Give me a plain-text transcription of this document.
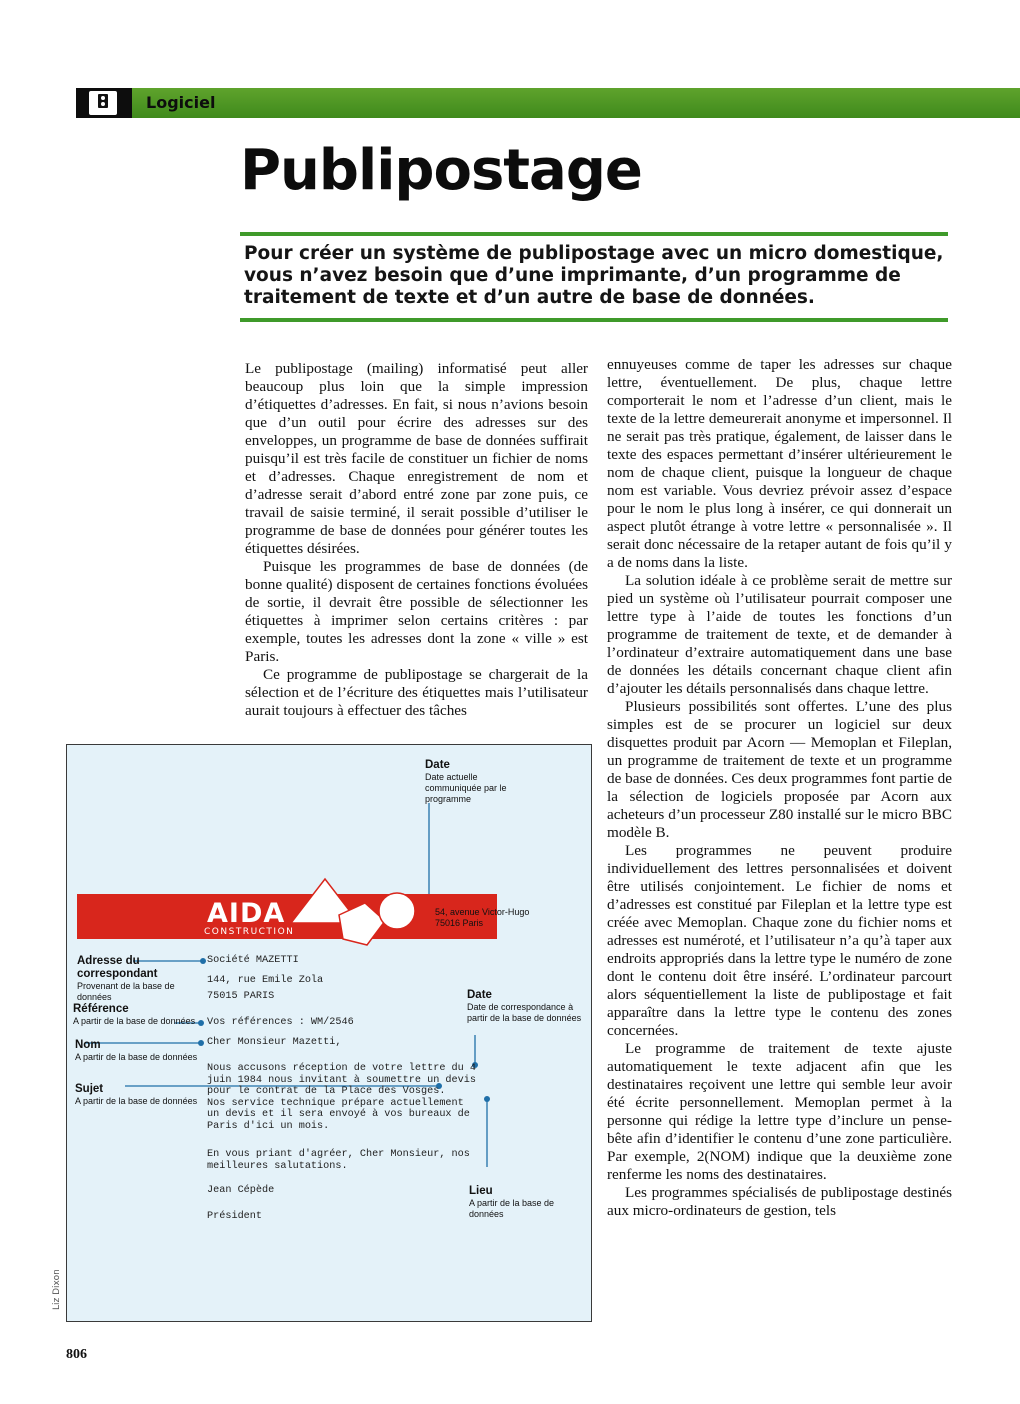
Logiciel
Publipostage
Pour créer un système de publipostage avec un micro domestique, vous n’avez besoin que d’une imprimante, d’un programme de traitement de texte et d’un autre de base de données.

Le publipostage (mailing) informatisé peut aller beaucoup plus loin que la simple impression d’étiquettes d’adresses. En fait, si nous n’avions besoin que d’un outil pour écrire des adresses sur des enveloppes, un programme de base de données suffirait puisqu’il est très facile de constituer un fichier de noms et d’adresses. Chaque enregistrement de nom et d’adresse serait d’abord entré zone par zone puis, ce travail de saisie terminé, il serait possible d’utiliser le programme de base de données pour générer toutes les étiquettes désirées.

Puisque les programmes de base de données (de bonne qualité) disposent de certaines fonctions évoluées de sortie, il devrait être possible de sélectionner les étiquettes à imprimer selon certains critères : par exemple, toutes les adresses dont la zone « ville » est Paris.

Ce programme de publipostage se chargerait de la sélection et de l’écriture des étiquettes mais l’utilisateur aurait toujours à effectuer des tâches

ennuyeuses comme de taper les adresses sur chaque lettre, éventuellement. De plus, chaque lettre comporterait le nom et l’adresse d’un client, mais le texte de la lettre demeurerait anonyme et impersonnel. Il ne serait pas très pratique, également, de laisser dans le texte des espaces permettant d’insérer ultérieurement le nom de chaque client, puisque la longueur de chaque nom est variable. Vous devriez prévoir assez d’espace pour le nom le plus long à insérer, ce qui donnerait un aspect plutôt étrange à votre lettre « personnalisée ». Il serait donc nécessaire de la retaper autant de fois qu’il y a de noms dans la liste.

La solution idéale à ce problème serait de mettre sur pied un système où l’utilisateur pourrait composer une lettre type à l’aide de toutes les fonctions d’un programme de traitement de texte, et de demander à l’ordinateur d’extraire automatiquement dans une base de données les détails concernant chaque client afin d’ajouter les détails personnalisés dans chaque lettre.

Plusieurs possibilités sont offertes. L’une des plus simples est de se procurer un logiciel sur deux disquettes produit par Acorn — Memoplan et Fileplan, un programme de traitement de texte et un programme de base de données. Ces deux programmes font partie de la sélection de logiciels proposée par Acorn aux acheteurs d’un processeur Z80 installé sur le micro BBC modèle B.

Les programmes ne peuvent produire individuellement des lettres personnalisées et doivent être utilisés conjointement. Le fichier de noms et d’adresses est constitué par Fileplan et la lettre type est créée avec Memoplan. Chaque zone du fichier noms et adresses est numéroté, et l’utilisateur n’a qu’à taper aux endroits appropriés dans la lettre type le numéro de zone dont le contenu doit être inséré. L’ordinateur parcourt alors séquentiellement la liste de publipostage et fait apparaître dans la lettre type le contenu des zones concernées.

Le programme de traitement de texte ajuste automatiquement le texte adjacent afin que les destinataires reçoivent une lettre qui semble leur avoir été écrite personnellement. Memoplan permet à la personne qui rédige la lettre type d’inclure un pense-bête afin d’identifier le contenu d’une zone particulière. Par exemple, 2(NOM) indique que la deuxième zone renferme les noms des destinataires.

Les programmes spécialisés de publipostage destinés aux micro-ordinateurs de gestion, tels

Date
Date actuelle communiquée par le programme
AIDA
CONSTRUCTION
54, avenue Victor-Hugo
75016 Paris
Adresse du correspondant
Provenant de la base de données
Référence
A partir de la base de données
Nom
A partir de la base de données
Sujet
A partir de la base de données
Date
Date de correspondance à partir de la base de données
Lieu
A partir de la base de données
Société MAZETTI
144, rue Emile Zola
75015 PARIS
Vos références : WM/2546
Cher Monsieur Mazetti,
Nous accusons réception de votre lettre du 4
juin 1984 nous invitant à soumettre un devis
pour le contrat de la Place des Vosges.
Nos service technique prépare actuellement
un devis et il sera envoyé à vos bureaux de
Paris d'ici un mois.
En vous priant d'agréer, Cher Monsieur, nos
meilleures salutations.
Jean Cépède
Président
Liz Dixon
806
